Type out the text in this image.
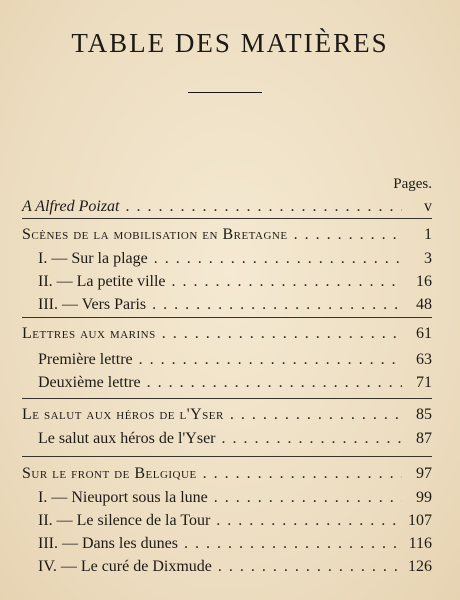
TABLE DES MATIÈRES
Pages.
A Alfred Poizat . . .	v
Scènes de la mobilisation en Bretagne . . .	1
I. — Sur la plage . . .	3
II. — La petite ville . . .	16
III. — Vers Paris . . .	48
Lettres aux marins . . .	61
Première lettre . . .	63
Deuxième lettre . . .	71
Le salut aux héros de l'Yser . . .	85
Le salut aux héros de l'Yser . . .	87
Sur le front de Belgique . . .	97
I. — Nieuport sous la lune . . .	99
II. — Le silence de la Tour . . .	107
III. — Dans les dunes . . .	116
IV. — Le curé de Dixmude . . .	126
